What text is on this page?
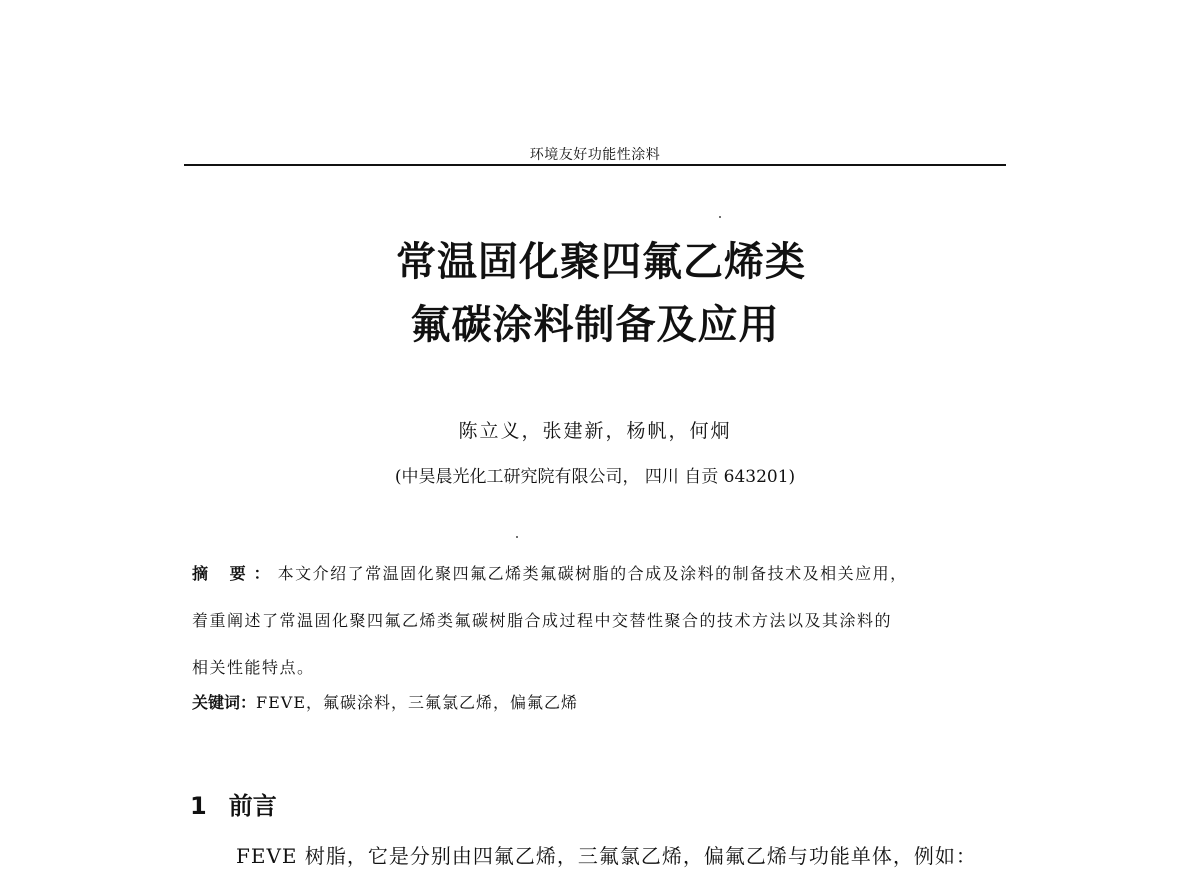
环境友好功能性涂料
常温固化聚四氟乙烯类
氟碳涂料制备及应用
陈立义，张建新，杨帆，何炯
(中昊晨光化工研究院有限公司， 四川 自贡 643201)

摘 要：本文介绍了常温固化聚四氟乙烯类氟碳树脂的合成及涂料的制备技术及相关应用，

着重阐述了常温固化聚四氟乙烯类氟碳树脂合成过程中交替性聚合的技术方法以及其涂料的

相关性能特点。

关键词：FEVE，氟碳涂料，三氟氯乙烯，偏氟乙烯
1 前言
FEVE 树脂，它是分别由四氟乙烯，三氟氯乙烯，偏氟乙烯与功能单体，例如：
